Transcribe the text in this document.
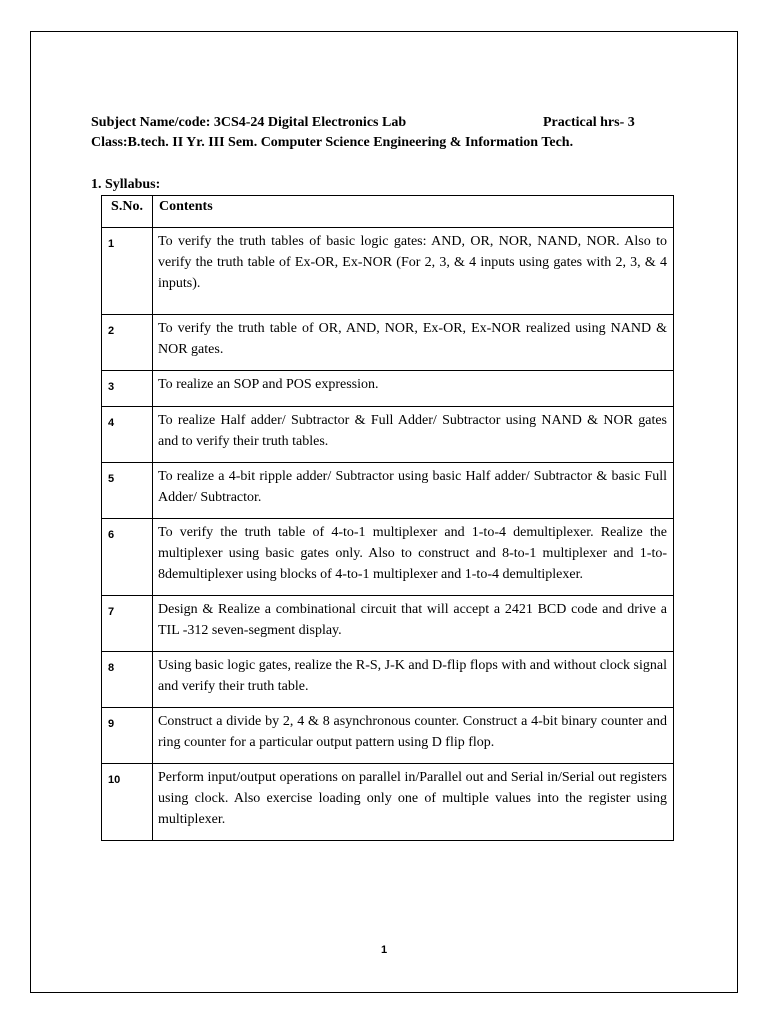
Subject Name/code: 3CS4-24 Digital Electronics Lab	Practical hrs- 3
Class:B.tech. II Yr. III Sem. Computer Science Engineering & Information Tech.
1. Syllabus:
S.No.	Contents
1	To verify the truth tables of basic logic gates: AND, OR, NOR, NAND, NOR. Also to verify the truth table of Ex-OR, Ex-NOR (For 2, 3, & 4 inputs using gates with 2, 3, & 4 inputs).
2	To verify the truth table of OR, AND, NOR, Ex-OR, Ex-NOR realized using NAND & NOR gates.
3	To realize an SOP and POS expression.
4	To realize Half adder/ Subtractor & Full Adder/ Subtractor using NAND & NOR gates and to verify their truth tables.
5	To realize a 4-bit ripple adder/ Subtractor using basic Half adder/ Subtractor & basic Full Adder/ Subtractor.
6	To verify the truth table of 4-to-1 multiplexer and 1-to-4 demultiplexer. Realize the multiplexer using basic gates only. Also to construct and 8-to-1 multiplexer and 1-to-8demultiplexer using blocks of 4-to-1 multiplexer and 1-to-4 demultiplexer.
7	Design & Realize a combinational circuit that will accept a 2421 BCD code and drive a TIL -312 seven-segment display.
8	Using basic logic gates, realize the R-S, J-K and D-flip flops with and without clock signal and verify their truth table.
9	Construct a divide by 2, 4 & 8 asynchronous counter. Construct a 4-bit binary counter and ring counter for a particular output pattern using D flip flop.
10	Perform input/output operations on parallel in/Parallel out and Serial in/Serial out registers using clock. Also exercise loading only one of multiple values into the register using multiplexer.
1
